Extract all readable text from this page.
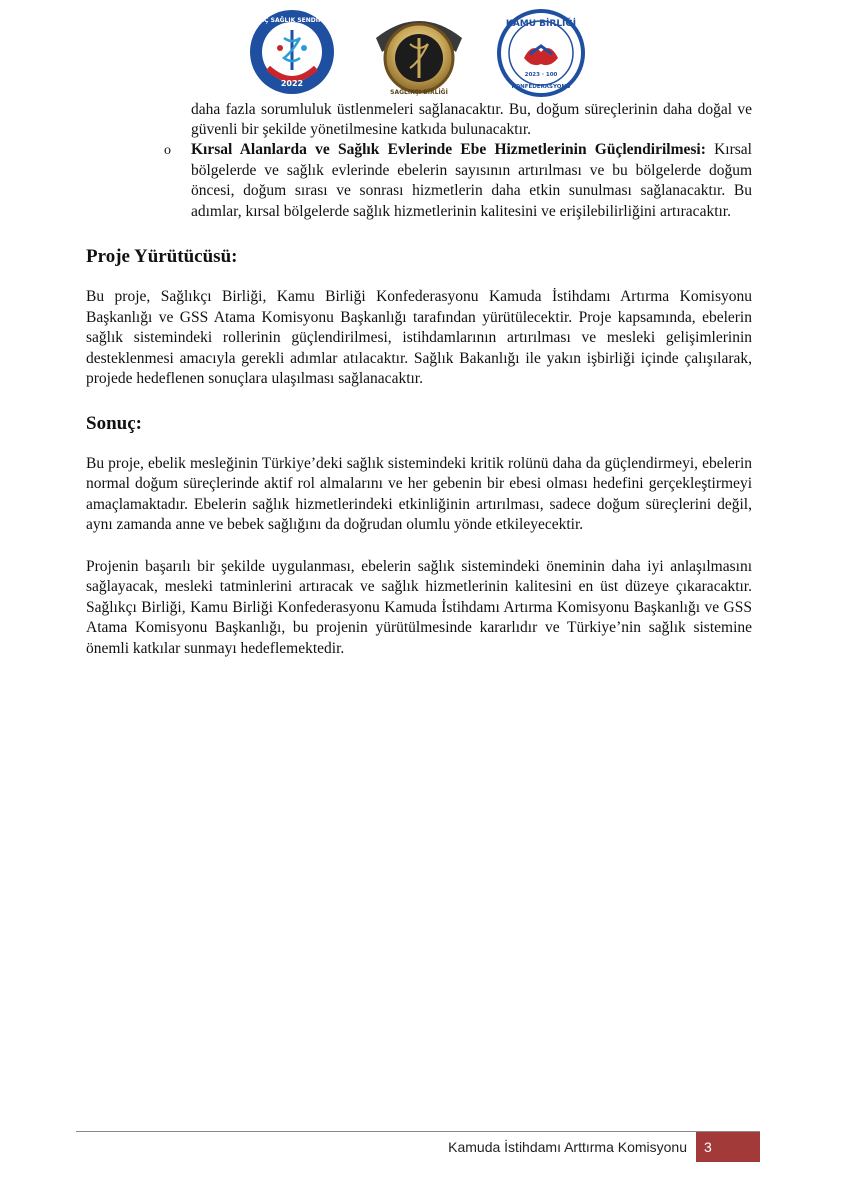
GENÇ SAĞLIK SENDİKASI
2022
SAĞLIKÇI BİRLİĞİ
KAMU BİRLİĞİ
2023 · 100
KONFEDERASYONU
daha fazla sorumluluk üstlenmeleri sağlanacaktır. Bu, doğum süreçlerinin daha doğal ve güvenli bir şekilde yönetilmesine katkıda bulunacaktır.
o Kırsal Alanlarda ve Sağlık Evlerinde Ebe Hizmetlerinin Güçlendirilmesi: Kırsal bölgelerde ve sağlık evlerinde ebelerin sayısının artırılması ve bu bölgelerde doğum öncesi, doğum sırası ve sonrası hizmetlerin daha etkin sunulması sağlanacaktır. Bu adımlar, kırsal bölgelerde sağlık hizmetlerinin kalitesini ve erişilebilirliğini artıracaktır.
Proje Yürütücüsü:

Bu proje, Sağlıkçı Birliği, Kamu Birliği Konfederasyonu Kamuda İstihdamı Artırma Komisyonu Başkanlığı ve GSS Atama Komisyonu Başkanlığı tarafından yürütülecektir. Proje kapsamında, ebelerin sağlık sistemindeki rollerinin güçlendirilmesi, istihdamlarının artırılması ve mesleki gelişimlerinin desteklenmesi amacıyla gerekli adımlar atılacaktır. Sağlık Bakanlığı ile yakın işbirliği içinde çalışılarak, projede hedeflenen sonuçlara ulaşılması sağlanacaktır.

Sonuç:

Bu proje, ebelik mesleğinin Türkiye’deki sağlık sistemindeki kritik rolünü daha da güçlendirmeyi, ebelerin normal doğum süreçlerinde aktif rol almalarını ve her gebenin bir ebesi olması hedefini gerçekleştirmeyi amaçlamaktadır. Ebelerin sağlık hizmetlerindeki etkinliğinin artırılması, sadece doğum süreçlerini değil, aynı zamanda anne ve bebek sağlığını da doğrudan olumlu yönde etkileyecektir.

Projenin başarılı bir şekilde uygulanması, ebelerin sağlık sistemindeki öneminin daha iyi anlaşılmasını sağlayacak, mesleki tatminlerini artıracak ve sağlık hizmetlerinin kalitesini en üst düzeye çıkaracaktır. Sağlıkçı Birliği, Kamu Birliği Konfederasyonu Kamuda İstihdamı Artırma Komisyonu Başkanlığı ve GSS Atama Komisyonu Başkanlığı, bu projenin yürütülmesinde kararlıdır ve Türkiye’nin sağlık sistemine önemli katkılar sunmayı hedeflemektedir.

Kamuda İstihdamı Arttırma Komisyonu	3
